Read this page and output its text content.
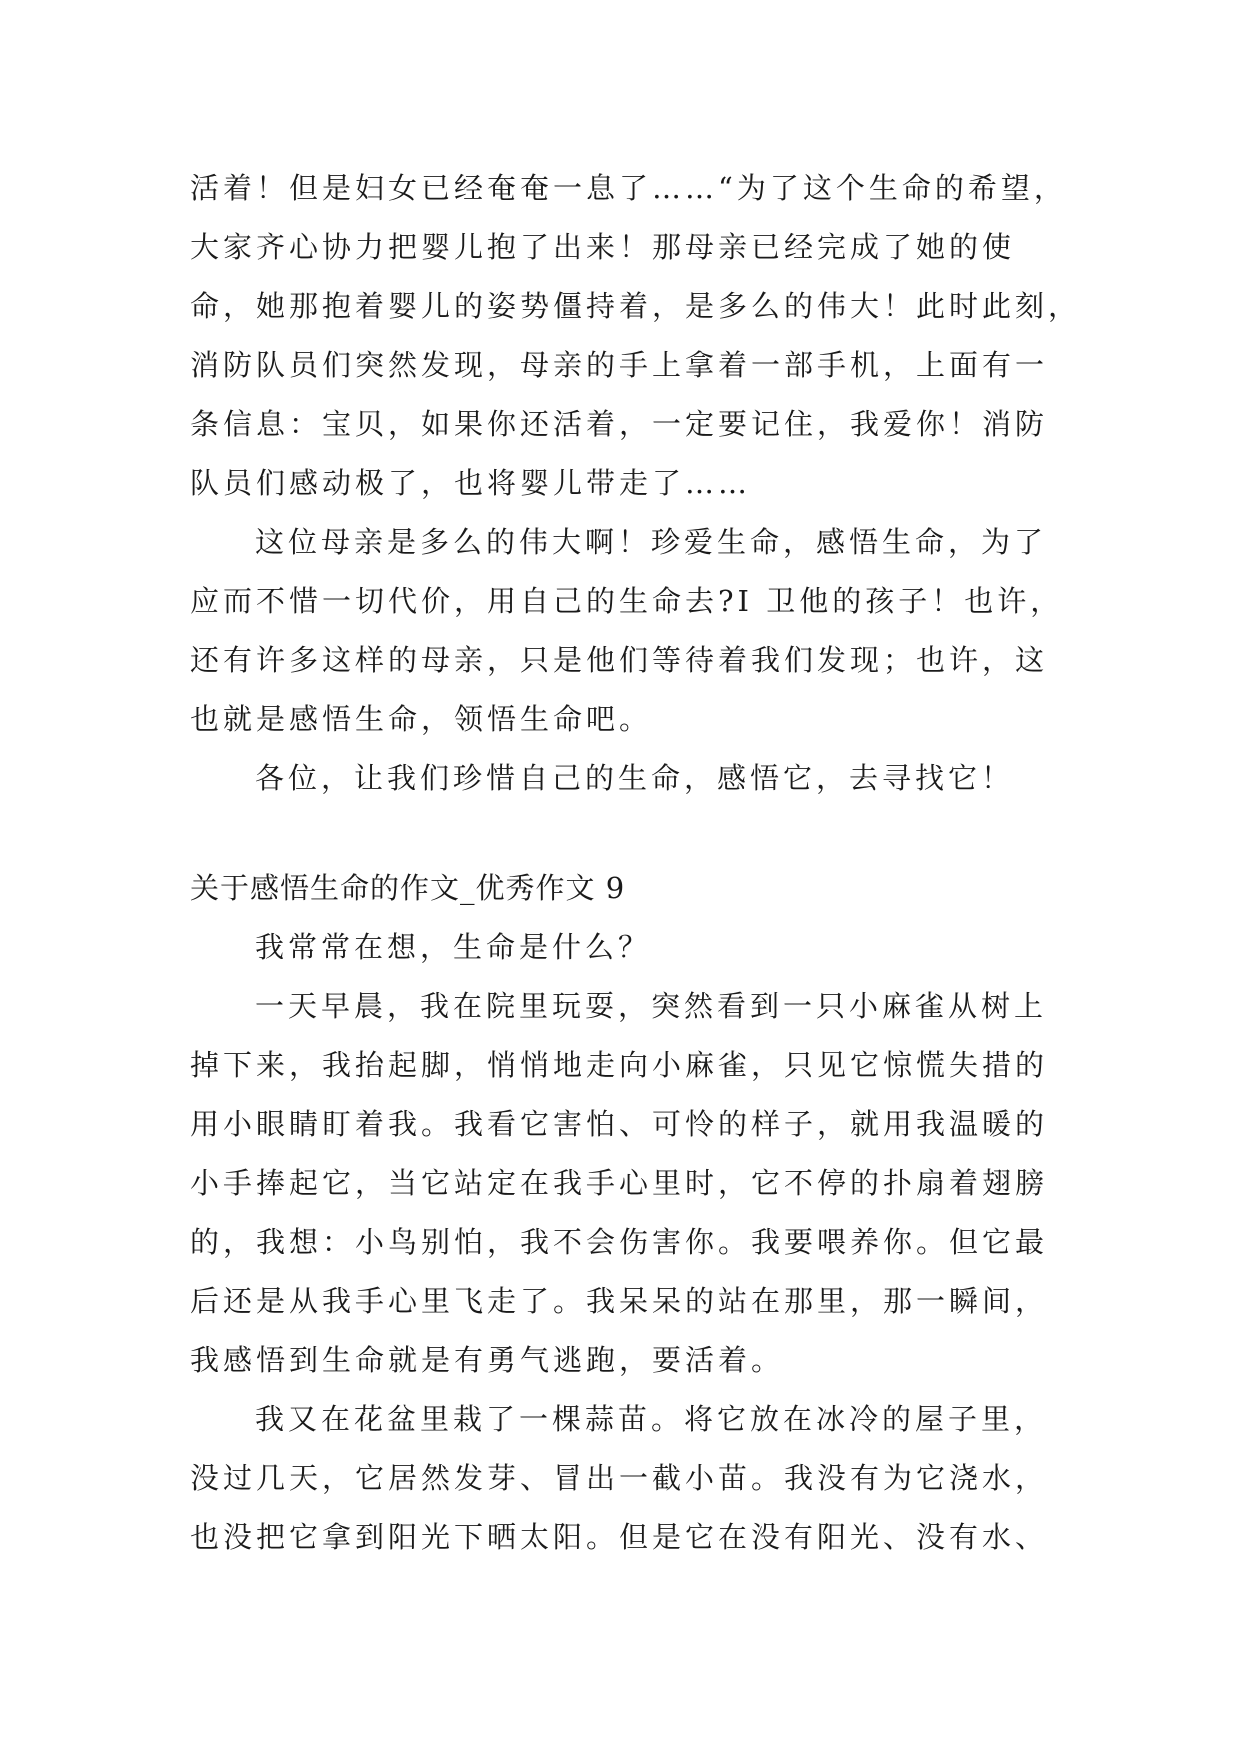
活着！但是妇女已经奄奄一息了……“为了这个生命的希望，
大家齐心协力把婴儿抱了出来！那母亲已经完成了她的使
命，她那抱着婴儿的姿势僵持着，是多么的伟大！此时此刻，
消防队员们突然发现，母亲的手上拿着一部手机，上面有一
条信息：宝贝，如果你还活着，一定要记住，我爱你！消防
队员们感动极了，也将婴儿带走了……
这位母亲是多么的伟大啊！珍爱生命，感悟生命，为了
应而不惜一切代价，用自己的生命去?I 卫他的孩子！也许，
还有许多这样的母亲，只是他们等待着我们发现；也许，这
也就是感悟生命，领悟生命吧。
各位，让我们珍惜自己的生命，感悟它，去寻找它！
关于感悟生命的作文_优秀作文 9
我常常在想，生命是什么？
一天早晨，我在院里玩耍，突然看到一只小麻雀从树上
掉下来，我抬起脚，悄悄地走向小麻雀，只见它惊慌失措的
用小眼睛盯着我。我看它害怕、可怜的样子，就用我温暖的
小手捧起它，当它站定在我手心里时，它不停的扑扇着翅膀
的，我想：小鸟别怕，我不会伤害你。我要喂养你。但它最
后还是从我手心里飞走了。我呆呆的站在那里，那一瞬间，
我感悟到生命就是有勇气逃跑，要活着。
我又在花盆里栽了一棵蒜苗。将它放在冰冷的屋子里，
没过几天，它居然发芽、冒出一截小苗。我没有为它浇水，
也没把它拿到阳光下晒太阳。但是它在没有阳光、没有水、
